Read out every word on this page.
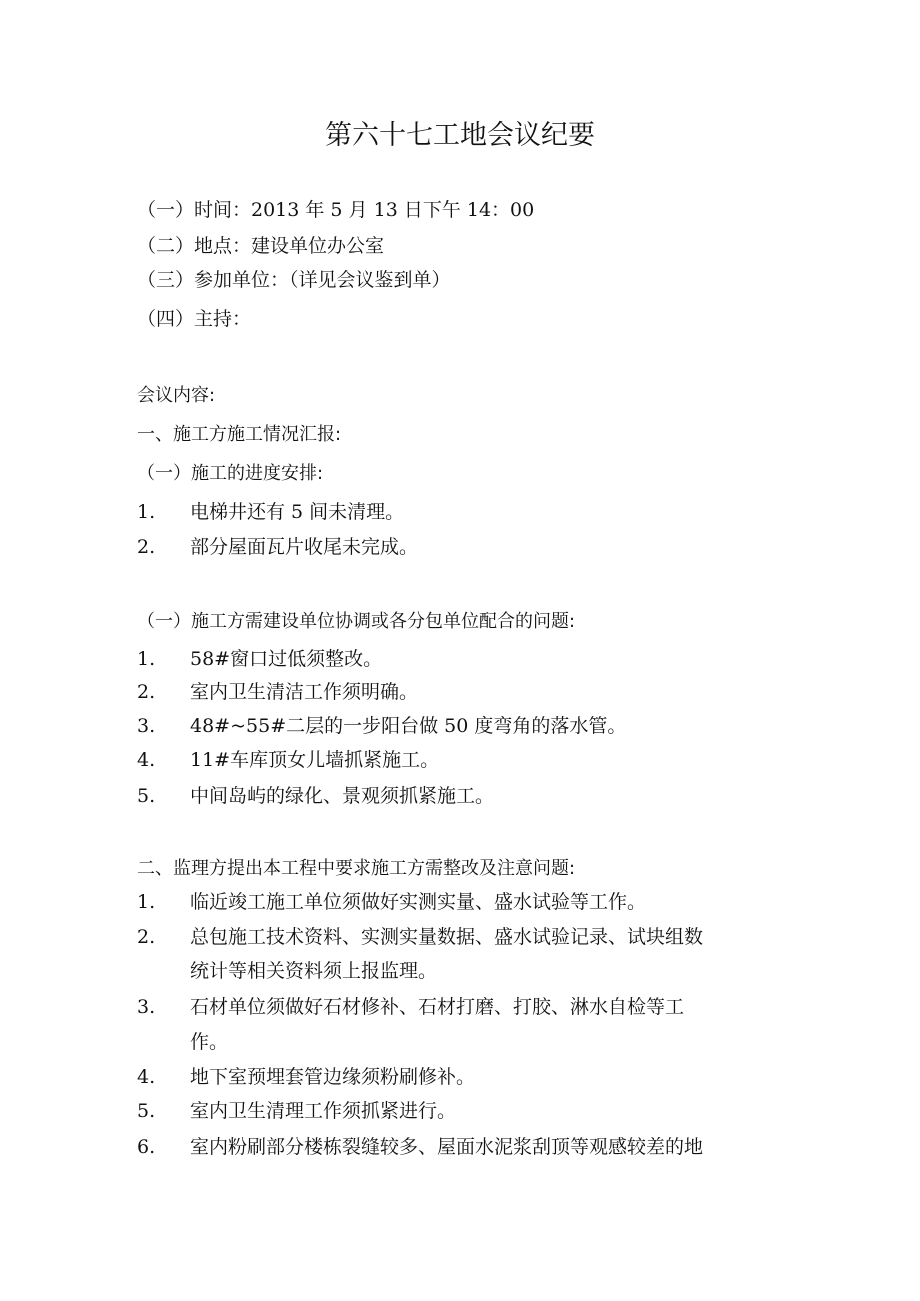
第六十七工地会议纪要
（一）时间：2013 年 5 月 13 日下午 14：00
（二）地点：建设单位办公室
（三）参加单位：（详见会议鉴到单）
（四）主持：
会议内容:
一、施工方施工情况汇报:
（一）施工的进度安排:
1. 电梯井还有 5 间未清理。
2. 部分屋面瓦片收尾未完成。
（一）施工方需建设单位协调或各分包单位配合的问题:
1. 58#窗口过低须整改。
2. 室内卫生清洁工作须明确。
3. 48#~55#二层的一步阳台做 50 度弯角的落水管。
4. 11#车库顶女儿墙抓紧施工。
5. 中间岛屿的绿化、景观须抓紧施工。
二、监理方提出本工程中要求施工方需整改及注意问题:
1. 临近竣工施工单位须做好实测实量、盛水试验等工作。
2. 总包施工技术资料、实测实量数据、盛水试验记录、试块组数
统计等相关资料须上报监理。
3. 石材单位须做好石材修补、石材打磨、打胶、淋水自检等工
作。
4. 地下室预埋套管边缘须粉刷修补。
5. 室内卫生清理工作须抓紧进行。
6. 室内粉刷部分楼栋裂缝较多、屋面水泥浆刮顶等观感较差的地
